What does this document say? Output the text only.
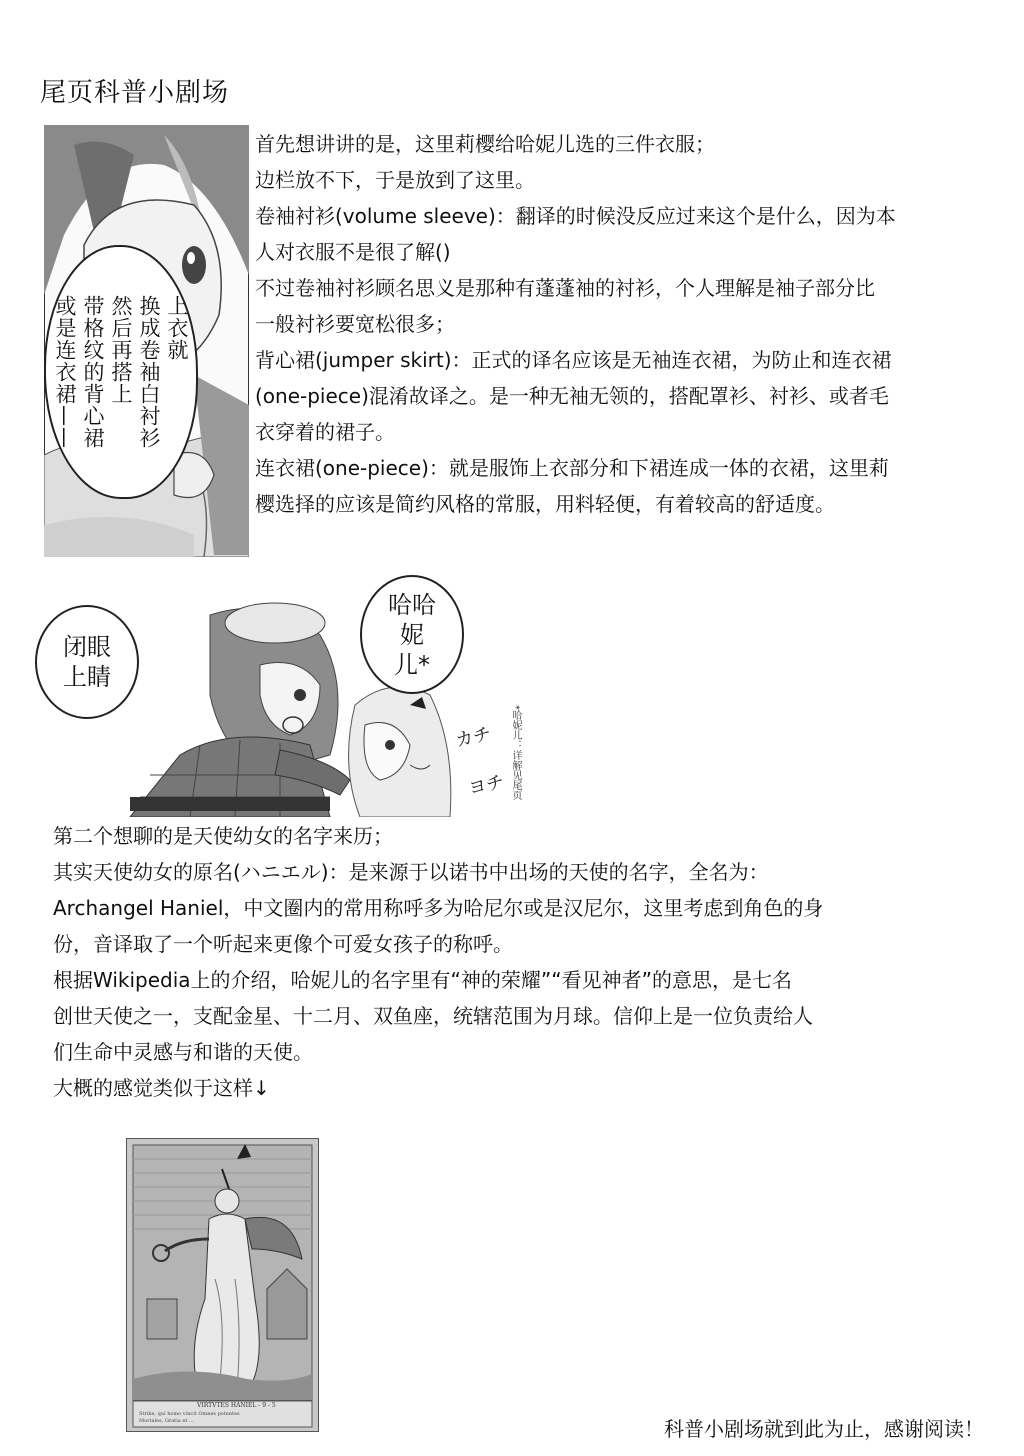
尾页科普小剧场
上衣就
换成卷袖白衬衫
然后再搭上
带格纹的背心裙
或是连衣裙——

首先想讲讲的是，这里莉樱给哈妮儿选的三件衣服；

边栏放不下，于是放到了这里。

卷袖衬衫(volume sleeve)：翻译的时候没反应过来这个是什么，因为本

人对衣服不是很了解()

不过卷袖衬衫顾名思义是那种有蓬蓬袖的衬衫，个人理解是袖子部分比

一般衬衫要宽松很多；

背心裙(jumper skirt)：正式的译名应该是无袖连衣裙，为防止和连衣裙

(one-piece)混淆故译之。是一种无袖无领的，搭配罩衫、衬衫、或者毛

衣穿着的裙子。

连衣裙(one-piece)：就是服饰上衣部分和下裙连成一体的衣裙，这里莉

樱选择的应该是简约风格的常服，用料轻便，有着较高的舒适度。

闭眼
上睛
哈哈
妮
儿*
カチ
ヨチ *哈妮儿：详解见尾页

第二个想聊的是天使幼女的名字来历；

其实天使幼女的原名(ハニエル)：是来源于以诺书中出场的天使的名字，全名为：

Archangel Haniel，中文圈内的常用称呼多为哈尼尔或是汉尼尔，这里考虑到角色的身

份，音译取了一个听起来更像个可爱女孩子的称呼。

根据Wikipedia上的介绍，哈妮儿的名字里有“神的荣耀”“看见神者”的意思，是七名

创世天使之一，支配金星、十二月、双鱼座，统辖范围为月球。信仰上是一位负责给人

们生命中灵感与和谐的天使。

大概的感觉类似于这样↓

VIRTVTES HANIEL - 9 - 5
Strike, qui homo vincit Omnes potentes
Mortales, Gratia et ...	科普小剧场就到此为止，感谢阅读！
